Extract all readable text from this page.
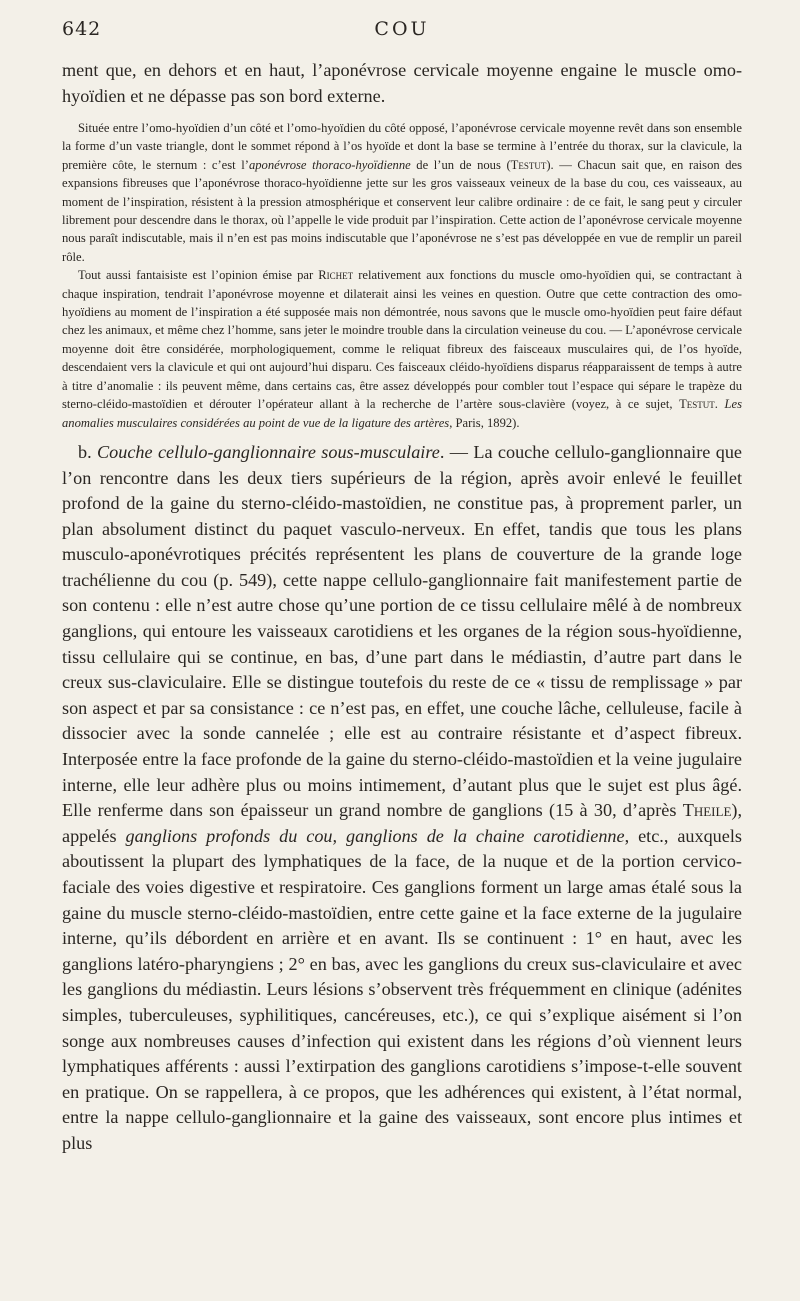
642	COU

ment que, en dehors et en haut, l’aponévrose cervicale moyenne engaine le muscle omo-hyoïdien et ne dépasse pas son bord externe.

Située entre l’omo-hyoïdien d’un côté et l’omo-hyoïdien du côté opposé, l’aponévrose cervicale moyenne revêt dans son ensemble la forme d’un vaste triangle, dont le sommet répond à l’os hyoïde et dont la base se termine à l’entrée du thorax, sur la clavicule, la première côte, le sternum : c’est l’aponévrose thoraco-hyoïdienne de l’un de nous (Testut). — Chacun sait que, en raison des expansions fibreuses que l’aponévrose thoraco-hyoïdienne jette sur les gros vaisseaux veineux de la base du cou, ces vaisseaux, au moment de l’inspiration, résistent à la pression atmosphérique et conservent leur calibre ordinaire : de ce fait, le sang peut y circuler librement pour descendre dans le thorax, où l’appelle le vide produit par l’inspiration. Cette action de l’aponévrose cervicale moyenne nous paraît indiscutable, mais il n’en est pas moins indiscutable que l’aponévrose ne s’est pas développée en vue de remplir un pareil rôle.

Tout aussi fantaisiste est l’opinion émise par Richet relativement aux fonctions du muscle omo-hyoïdien qui, se contractant à chaque inspiration, tendrait l’aponévrose moyenne et dilaterait ainsi les veines en question. Outre que cette contraction des omo-hyoïdiens au moment de l’inspiration a été supposée mais non démontrée, nous savons que le muscle omo-hyoïdien peut faire défaut chez les animaux, et même chez l’homme, sans jeter le moindre trouble dans la circulation veineuse du cou. — L’aponévrose cervicale moyenne doit être considérée, morphologiquement, comme le reliquat fibreux des faisceaux musculaires qui, de l’os hyoïde, descendaient vers la clavicule et qui ont aujourd’hui disparu. Ces faisceaux cléido-hyoïdiens disparus réapparaissent de temps à autre à titre d’anomalie : ils peuvent même, dans certains cas, être assez développés pour combler tout l’espace qui sépare le trapèze du sterno-cléido-mastoïdien et dérouter l’opérateur allant à la recherche de l’artère sous-clavière (voyez, à ce sujet, Testut. Les anomalies musculaires considérées au point de vue de la ligature des artères, Paris, 1892).

b. Couche cellulo-ganglionnaire sous-musculaire. — La couche cellulo-ganglionnaire que l’on rencontre dans les deux tiers supérieurs de la région, après avoir enlevé le feuillet profond de la gaine du sterno-cléido-mastoïdien, ne constitue pas, à proprement parler, un plan absolument distinct du paquet vasculo-nerveux. En effet, tandis que tous les plans musculo-aponévrotiques précités représentent les plans de couverture de la grande loge trachélienne du cou (p. 549), cette nappe cellulo-ganglionnaire fait manifestement partie de son contenu : elle n’est autre chose qu’une portion de ce tissu cellulaire mêlé à de nombreux ganglions, qui entoure les vaisseaux carotidiens et les organes de la région sous-hyoïdienne, tissu cellulaire qui se continue, en bas, d’une part dans le médiastin, d’autre part dans le creux sus-claviculaire. Elle se distingue toutefois du reste de ce « tissu de remplissage » par son aspect et par sa consistance : ce n’est pas, en effet, une couche lâche, celluleuse, facile à dissocier avec la sonde cannelée ; elle est au contraire résistante et d’aspect fibreux. Interposée entre la face profonde de la gaine du sterno-cléido-mastoïdien et la veine jugulaire interne, elle leur adhère plus ou moins intimement, d’autant plus que le sujet est plus âgé. Elle renferme dans son épaisseur un grand nombre de ganglions (15 à 30, d’après Theile), appelés ganglions profonds du cou, ganglions de la chaine carotidienne, etc., auxquels aboutissent la plupart des lymphatiques de la face, de la nuque et de la portion cervico-faciale des voies digestive et respiratoire. Ces ganglions forment un large amas étalé sous la gaine du muscle sterno-cléido-mastoïdien, entre cette gaine et la face externe de la jugulaire interne, qu’ils débordent en arrière et en avant. Ils se continuent : 1° en haut, avec les ganglions latéro-pharyngiens ; 2° en bas, avec les ganglions du creux sus-claviculaire et avec les ganglions du médiastin. Leurs lésions s’observent très fréquemment en clinique (adénites simples, tuberculeuses, syphilitiques, cancéreuses, etc.), ce qui s’explique aisément si l’on songe aux nombreuses causes d’infection qui existent dans les régions d’où viennent leurs lymphatiques afférents : aussi l’extirpation des ganglions carotidiens s’impose-t-elle souvent en pratique. On se rappellera, à ce propos, que les adhérences qui existent, à l’état normal, entre la nappe cellulo-ganglionnaire et la gaine des vaisseaux, sont encore plus intimes et plus
